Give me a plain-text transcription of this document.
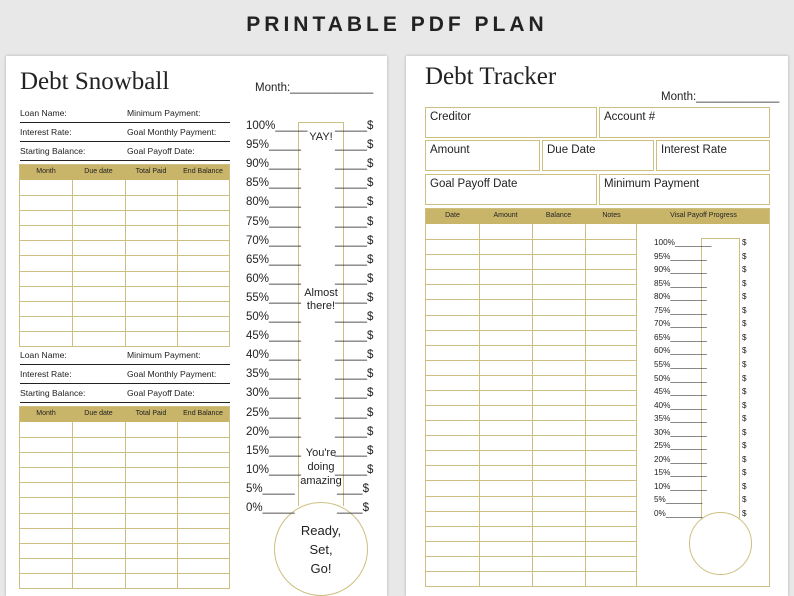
PRINTABLE PDF PLAN
Debt Snowball	Month:_____________
Loan Name:	Minimum Payment:
Interest Rate:	Goal Monthly Payment:
Starting Balance:	Goal Payoff Date:
Month	Due date	Total Paid	End Balance
Loan Name:	Minimum Payment:
Interest Rate:	Goal Monthly Payment:
Starting Balance:	Goal Payoff Date:
Month	Due date	Total Paid	End Balance
100%_____ _____$
95%_____	_____$
90%_____	_____$
85%_____	_____$
80%_____	_____$
75%_____	_____$
70%_____	_____$
65%_____	_____$
60%_____	_____$
55%_____	_____$
50%_____	_____$
45%_____	_____$
40%_____	_____$
35%_____	_____$
30%_____	_____$
25%_____	_____$
20%_____	_____$
15%_____	_____$
10%_____	_____$
5%_____	____$
0%_____	____$
YAY!
Almost
there!
You're
doing
amazing
Ready,
Set,
Go!
Debt Tracker
Month:_____________
Creditor	Account #
Amount	Due Date	Interest Rate
Goal Payoff Date	Minimum Payment
Date	Amount	Balance	Notes	Visal Payoff Progress
100%________	$
95%________	$
90%________	$
85%________	$
80%________	$
75%________	$
70%________	$
65%________	$
60%________	$
55%________	$
50%________	$
45%________	$
40%________	$
35%________	$
30%________	$
25%________	$
20%________	$
15%________	$
10%________	$
5%________	$
0%________	$
